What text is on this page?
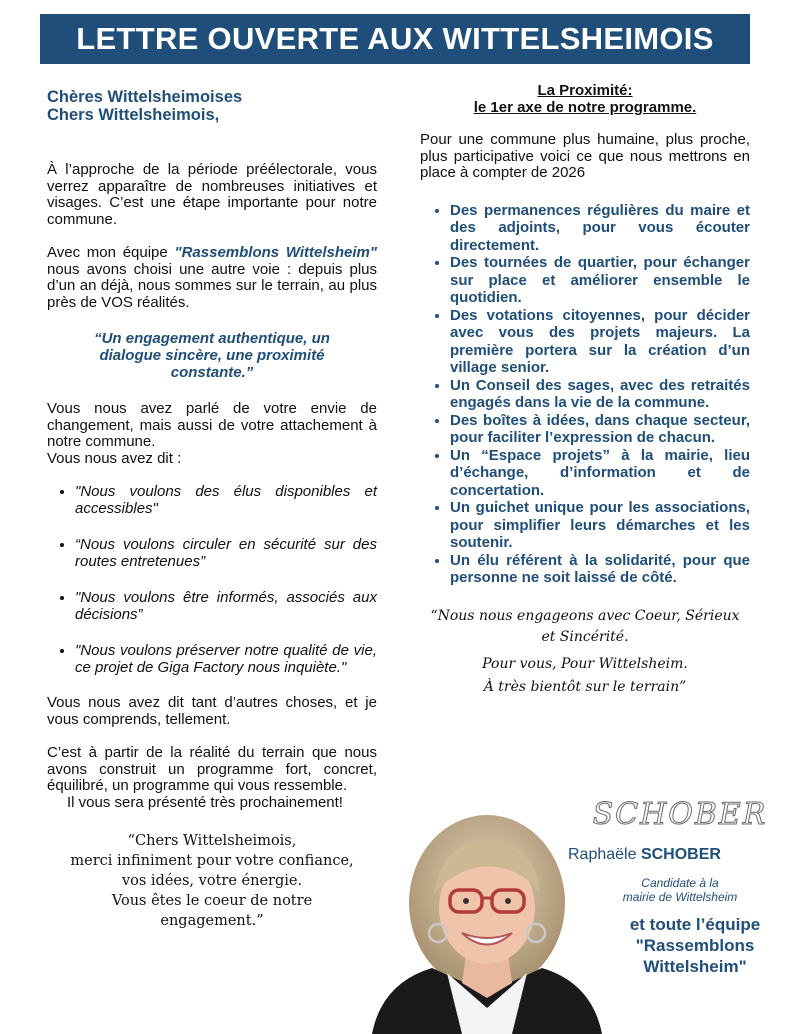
LETTRE OUVERTE AUX WITTELSHEIMOIS
Chères Wittelsheimoises
Chers Wittelsheimois,

À l’approche de la période préélectorale, vous verrez apparaître de nombreuses initiatives et visages. C’est une étape importante pour notre commune.

Avec mon équipe "Rassemblons Wittelsheim" nous avons choisi une autre voie : depuis plus d’un an déjà, nous sommes sur le terrain, au plus près de VOS réalités.

“Un engagement authentique, un dialogue sincère, une proximité constante.”

Vous nous avez parlé de votre envie de changement, mais aussi de votre attachement à notre commune.

Vous nous avez dit :

• "Nous voulons des élus disponibles et accessibles"
• “Nous voulons circuler en sécurité sur des routes entretenues”
• "Nous voulons être informés, associés aux décisions”
• "Nous voulons préserver notre qualité de vie, ce projet de Giga Factory nous inquiète."

Vous nous avez dit tant d’autres choses, et je vous comprends, tellement.

C’est à partir de la réalité du terrain que nous avons construit un programme fort, concret, équilibré, un programme qui vous ressemble.

Il vous sera présenté très prochainement!

“Chers Wittelsheimois,
merci infiniment pour votre confiance,
vos idées, votre énergie.
Vous êtes le coeur de notre
engagement.”
La Proximité:
le 1er axe de notre programme.

Pour une commune plus humaine, plus proche, plus participative voici ce que nous mettrons en place à compter de 2026

• Des permanences régulières du maire et des adjoints, pour vous écouter directement.
• Des tournées de quartier, pour échanger sur place et améliorer ensemble le quotidien.
• Des votations citoyennes, pour décider avec vous des projets majeurs. La première portera sur la création d’un village senior.
• Un Conseil des sages, avec des retraités engagés dans la vie de la commune.
• Des boîtes à idées, dans chaque secteur, pour faciliter l’expression de chacun.
• Un “Espace projets” à la mairie, lieu d’échange, d’information et de concertation.
• Un guichet unique pour les associations, pour simplifier leurs démarches et les soutenir.
• Un élu référent à la solidarité, pour que personne ne soit laissé de côté.
“Nous nous engageons avec Coeur, Sérieux
et Sincérité.
Pour vous, Pour Wittelsheim.
À très bientôt sur le terrain”
SCHOBER
Raphaële SCHOBER
Candidate à la
mairie de Wittelsheim
et toute l’équipe
"Rassemblons
Wittelsheim"
